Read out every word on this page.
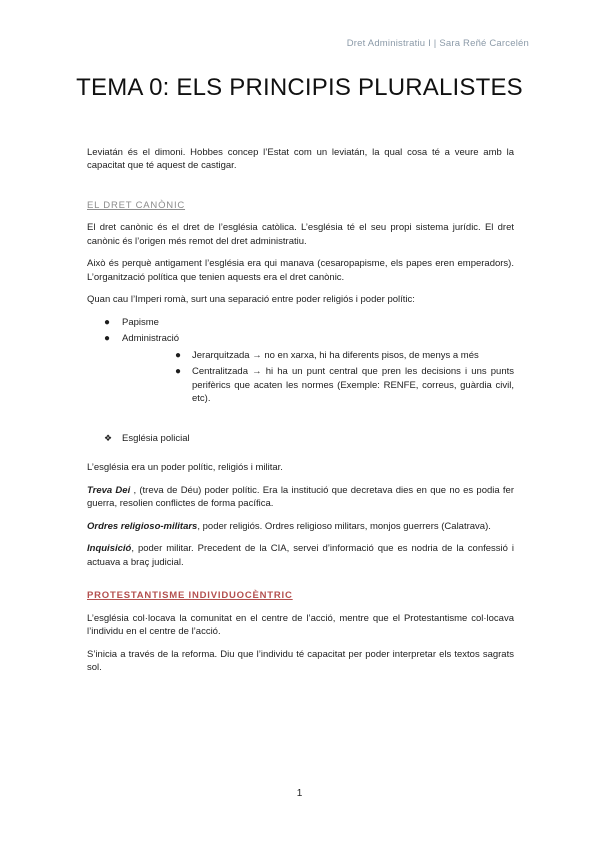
Dret Administratiu I | Sara Reñé Carcelén
TEMA 0: ELS PRINCIPIS PLURALISTES

Leviatán és el dimoni. Hobbes concep l’Estat com un leviatán, la qual cosa té a veure amb la capacitat que té aquest de castigar.

EL DRET CANÒNIC

El dret canònic és el dret de l’església catòlica. L’església té el seu propi sistema jurídic. El dret canònic és l’origen més remot del dret administratiu.

Això és perquè antigament l’església era qui manava (cesaropapisme, els papes eren emperadors). L’organització política que tenien aquests era el dret canònic.

Quan cau l’Imperi romà, surt una separació entre poder religiós i poder polític:

● Papisme
● Administració
● Jerarquitzada → no en xarxa, hi ha diferents pisos, de menys a més
● Centralitzada → hi ha un punt central que pren les decisions i uns punts perifèrics que acaten les normes (Exemple: RENFE, correus, guàrdia civil, etc).
❖ Església policial

L’església era un poder polític, religiós i militar.

Treva Dei , (treva de Déu) poder polític. Era la institució que decretava dies en que no es podia fer guerra, resolien conflictes de forma pacífica.

Ordres religioso-militars, poder religiós. Ordres religioso militars, monjos guerrers (Calatrava).

Inquisició, poder militar. Precedent de la CIA, servei d’informació que es nodria de la confessió i actuava a braç judicial.

PROTESTANTISME INDIVIDUOCÈNTRIC

L’església col·locava la comunitat en el centre de l’acció, mentre que el Protestantisme col·locava l’individu en el centre de l’acció.

S’inicia a través de la reforma. Diu que l’individu té capacitat per poder interpretar els textos sagrats sol.

1
